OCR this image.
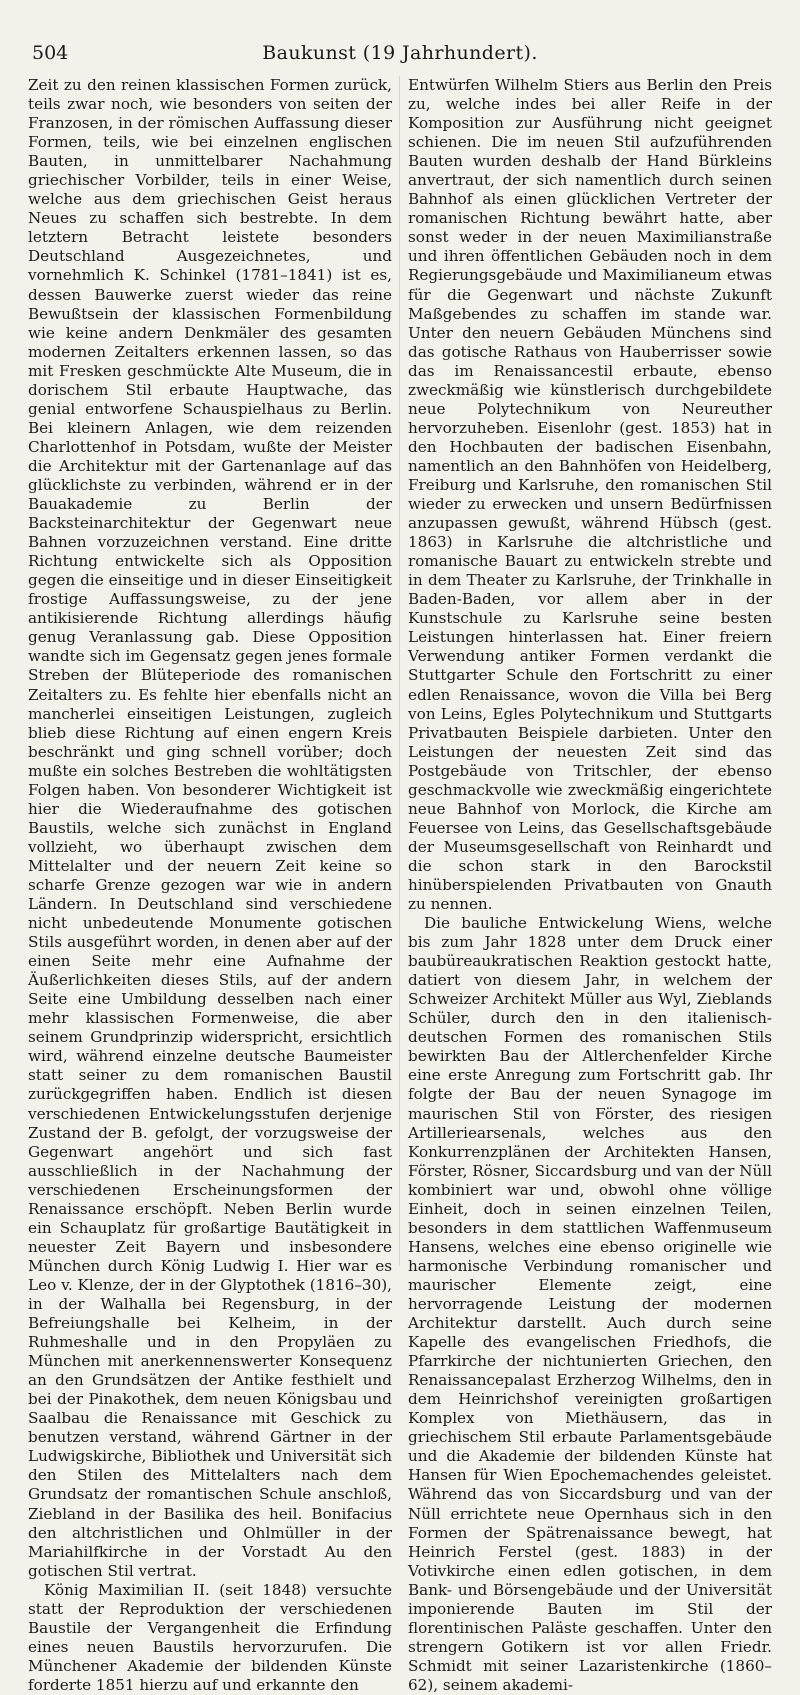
504	Baukunst (19 Jahrhundert).

Zeit zu den reinen klassischen Formen zurück, teils zwar noch, wie besonders von seiten der Franzosen, in der römischen Auffassung dieser Formen, teils, wie bei einzelnen englischen Bauten, in unmittelbarer Nachahmung griechischer Vorbilder, teils in einer Weise, welche aus dem griechischen Geist heraus Neues zu schaffen sich bestrebte. In dem letztern Betracht leistete besonders Deutschland Ausgezeichnetes, und vornehmlich K. Schinkel (1781–1841) ist es, dessen Bauwerke zuerst wieder das reine Bewußtsein der klassischen Formenbildung wie keine andern Denkmäler des gesamten modernen Zeitalters erkennen lassen, so das mit Fresken geschmückte Alte Museum, die in dorischem Stil erbaute Hauptwache, das genial entworfene Schauspielhaus zu Berlin. Bei kleinern Anlagen, wie dem reizenden Charlottenhof in Potsdam, wußte der Meister die Architektur mit der Gartenanlage auf das glücklichste zu verbinden, während er in der Bauakademie zu Berlin der Backsteinarchitektur der Gegenwart neue Bahnen vorzuzeichnen verstand. Eine dritte Richtung entwickelte sich als Opposition gegen die einseitige und in dieser Einseitigkeit frostige Auffassungsweise, zu der jene antikisierende Richtung allerdings häufig genug Veranlassung gab. Diese Opposition wandte sich im Gegensatz gegen jenes formale Streben der Blüteperiode des romanischen Zeitalters zu. Es fehlte hier ebenfalls nicht an mancherlei einseitigen Leistungen, zugleich blieb diese Richtung auf einen engern Kreis beschränkt und ging schnell vorüber; doch mußte ein solches Bestreben die wohltätigsten Folgen haben. Von besonderer Wichtigkeit ist hier die Wiederaufnahme des gotischen Baustils, welche sich zunächst in England vollzieht, wo überhaupt zwischen dem Mittelalter und der neuern Zeit keine so scharfe Grenze gezogen war wie in andern Ländern. In Deutschland sind verschiedene nicht unbedeutende Monumente gotischen Stils ausgeführt worden, in denen aber auf der einen Seite mehr eine Aufnahme der Äußerlichkeiten dieses Stils, auf der andern Seite eine Umbildung desselben nach einer mehr klassischen Formenweise, die aber seinem Grundprinzip widerspricht, ersichtlich wird, während einzelne deutsche Baumeister statt seiner zu dem romanischen Baustil zurückgegriffen haben. Endlich ist diesen verschiedenen Entwickelungsstufen derjenige Zustand der B. gefolgt, der vorzugsweise der Gegenwart angehört und sich fast ausschließlich in der Nachahmung der verschiedenen Erscheinungsformen der Renaissance erschöpft. Neben Berlin wurde ein Schauplatz für großartige Bautätigkeit in neuester Zeit Bayern und insbesondere München durch König Ludwig I. Hier war es Leo v. Klenze, der in der Glyptothek (1816–30), in der Walhalla bei Regensburg, in der Befreiungshalle bei Kelheim, in der Ruhmeshalle und in den Propyläen zu München mit anerkennenswerter Konsequenz an den Grundsätzen der Antike festhielt und bei der Pinakothek, dem neuen Königsbau und Saalbau die Renaissance mit Geschick zu benutzen verstand, während Gärtner in der Ludwigskirche, Bibliothek und Universität sich den Stilen des Mittelalters nach dem Grundsatz der romantischen Schule anschloß, Ziebland in der Basilika des heil. Bonifacius den altchristlichen und Ohlmüller in der Mariahilfkirche in der Vorstadt Au den gotischen Stil vertrat.

König Maximilian II. (seit 1848) versuchte statt der Reproduktion der verschiedenen Baustile der Vergangenheit die Erfindung eines neuen Baustils hervorzurufen. Die Münchener Akademie der bildenden Künste forderte 1851 hierzu auf und erkannte den

Entwürfen Wilhelm Stiers aus Berlin den Preis zu, welche indes bei aller Reife in der Komposition zur Ausführung nicht geeignet schienen. Die im neuen Stil aufzuführenden Bauten wurden deshalb der Hand Bürkleins anvertraut, der sich namentlich durch seinen Bahnhof als einen glücklichen Vertreter der romanischen Richtung bewährt hatte, aber sonst weder in der neuen Maximilianstraße und ihren öffentlichen Gebäuden noch in dem Regierungsgebäude und Maximilianeum etwas für die Gegenwart und nächste Zukunft Maßgebendes zu schaffen im stande war. Unter den neuern Gebäuden Münchens sind das gotische Rathaus von Hauberrisser sowie das im Renaissancestil erbaute, ebenso zweckmäßig wie künstlerisch durchgebildete neue Polytechnikum von Neureuther hervorzuheben. Eisenlohr (gest. 1853) hat in den Hochbauten der badischen Eisenbahn, namentlich an den Bahnhöfen von Heidelberg, Freiburg und Karlsruhe, den romanischen Stil wieder zu erwecken und unsern Bedürfnissen anzupassen gewußt, während Hübsch (gest. 1863) in Karlsruhe die altchristliche und romanische Bauart zu entwickeln strebte und in dem Theater zu Karlsruhe, der Trinkhalle in Baden-Baden, vor allem aber in der Kunstschule zu Karlsruhe seine besten Leistungen hinterlassen hat. Einer freiern Verwendung antiker Formen verdankt die Stuttgarter Schule den Fortschritt zu einer edlen Renaissance, wovon die Villa bei Berg von Leins, Egles Polytechnikum und Stuttgarts Privatbauten Beispiele darbieten. Unter den Leistungen der neuesten Zeit sind das Postgebäude von Tritschler, der ebenso geschmackvolle wie zweckmäßig eingerichtete neue Bahnhof von Morlock, die Kirche am Feuersee von Leins, das Gesellschaftsgebäude der Museumsgesellschaft von Reinhardt und die schon stark in den Barockstil hinüberspielenden Privatbauten von Gnauth zu nennen.

Die bauliche Entwickelung Wiens, welche bis zum Jahr 1828 unter dem Druck einer baubüreaukratischen Reaktion gestockt hatte, datiert von diesem Jahr, in welchem der Schweizer Architekt Müller aus Wyl, Zieblands Schüler, durch den in den italienisch-deutschen Formen des romanischen Stils bewirkten Bau der Altlerchenfelder Kirche eine erste Anregung zum Fortschritt gab. Ihr folgte der Bau der neuen Synagoge im maurischen Stil von Förster, des riesigen Artilleriearsenals, welches aus den Konkurrenzplänen der Architekten Hansen, Förster, Rösner, Siccardsburg und van der Nüll kombiniert war und, obwohl ohne völlige Einheit, doch in seinen einzelnen Teilen, besonders in dem stattlichen Waffenmuseum Hansens, welches eine ebenso originelle wie harmonische Verbindung romanischer und maurischer Elemente zeigt, eine hervorragende Leistung der modernen Architektur darstellt. Auch durch seine Kapelle des evangelischen Friedhofs, die Pfarrkirche der nichtunierten Griechen, den Renaissancepalast Erzherzog Wilhelms, den in dem Heinrichshof vereinigten großartigen Komplex von Miethäusern, das in griechischem Stil erbaute Parlamentsgebäude und die Akademie der bildenden Künste hat Hansen für Wien Epochemachendes geleistet. Während das von Siccardsburg und van der Nüll errichtete neue Opernhaus sich in den Formen der Spätrenaissance bewegt, hat Heinrich Ferstel (gest. 1883) in der Votivkirche einen edlen gotischen, in dem Bank- und Börsengebäude und der Universität imponierende Bauten im Stil der florentinischen Paläste geschaffen. Unter den strengern Gotikern ist vor allen Friedr. Schmidt mit seiner Lazaristenkirche (1860–62), seinem akademi-
